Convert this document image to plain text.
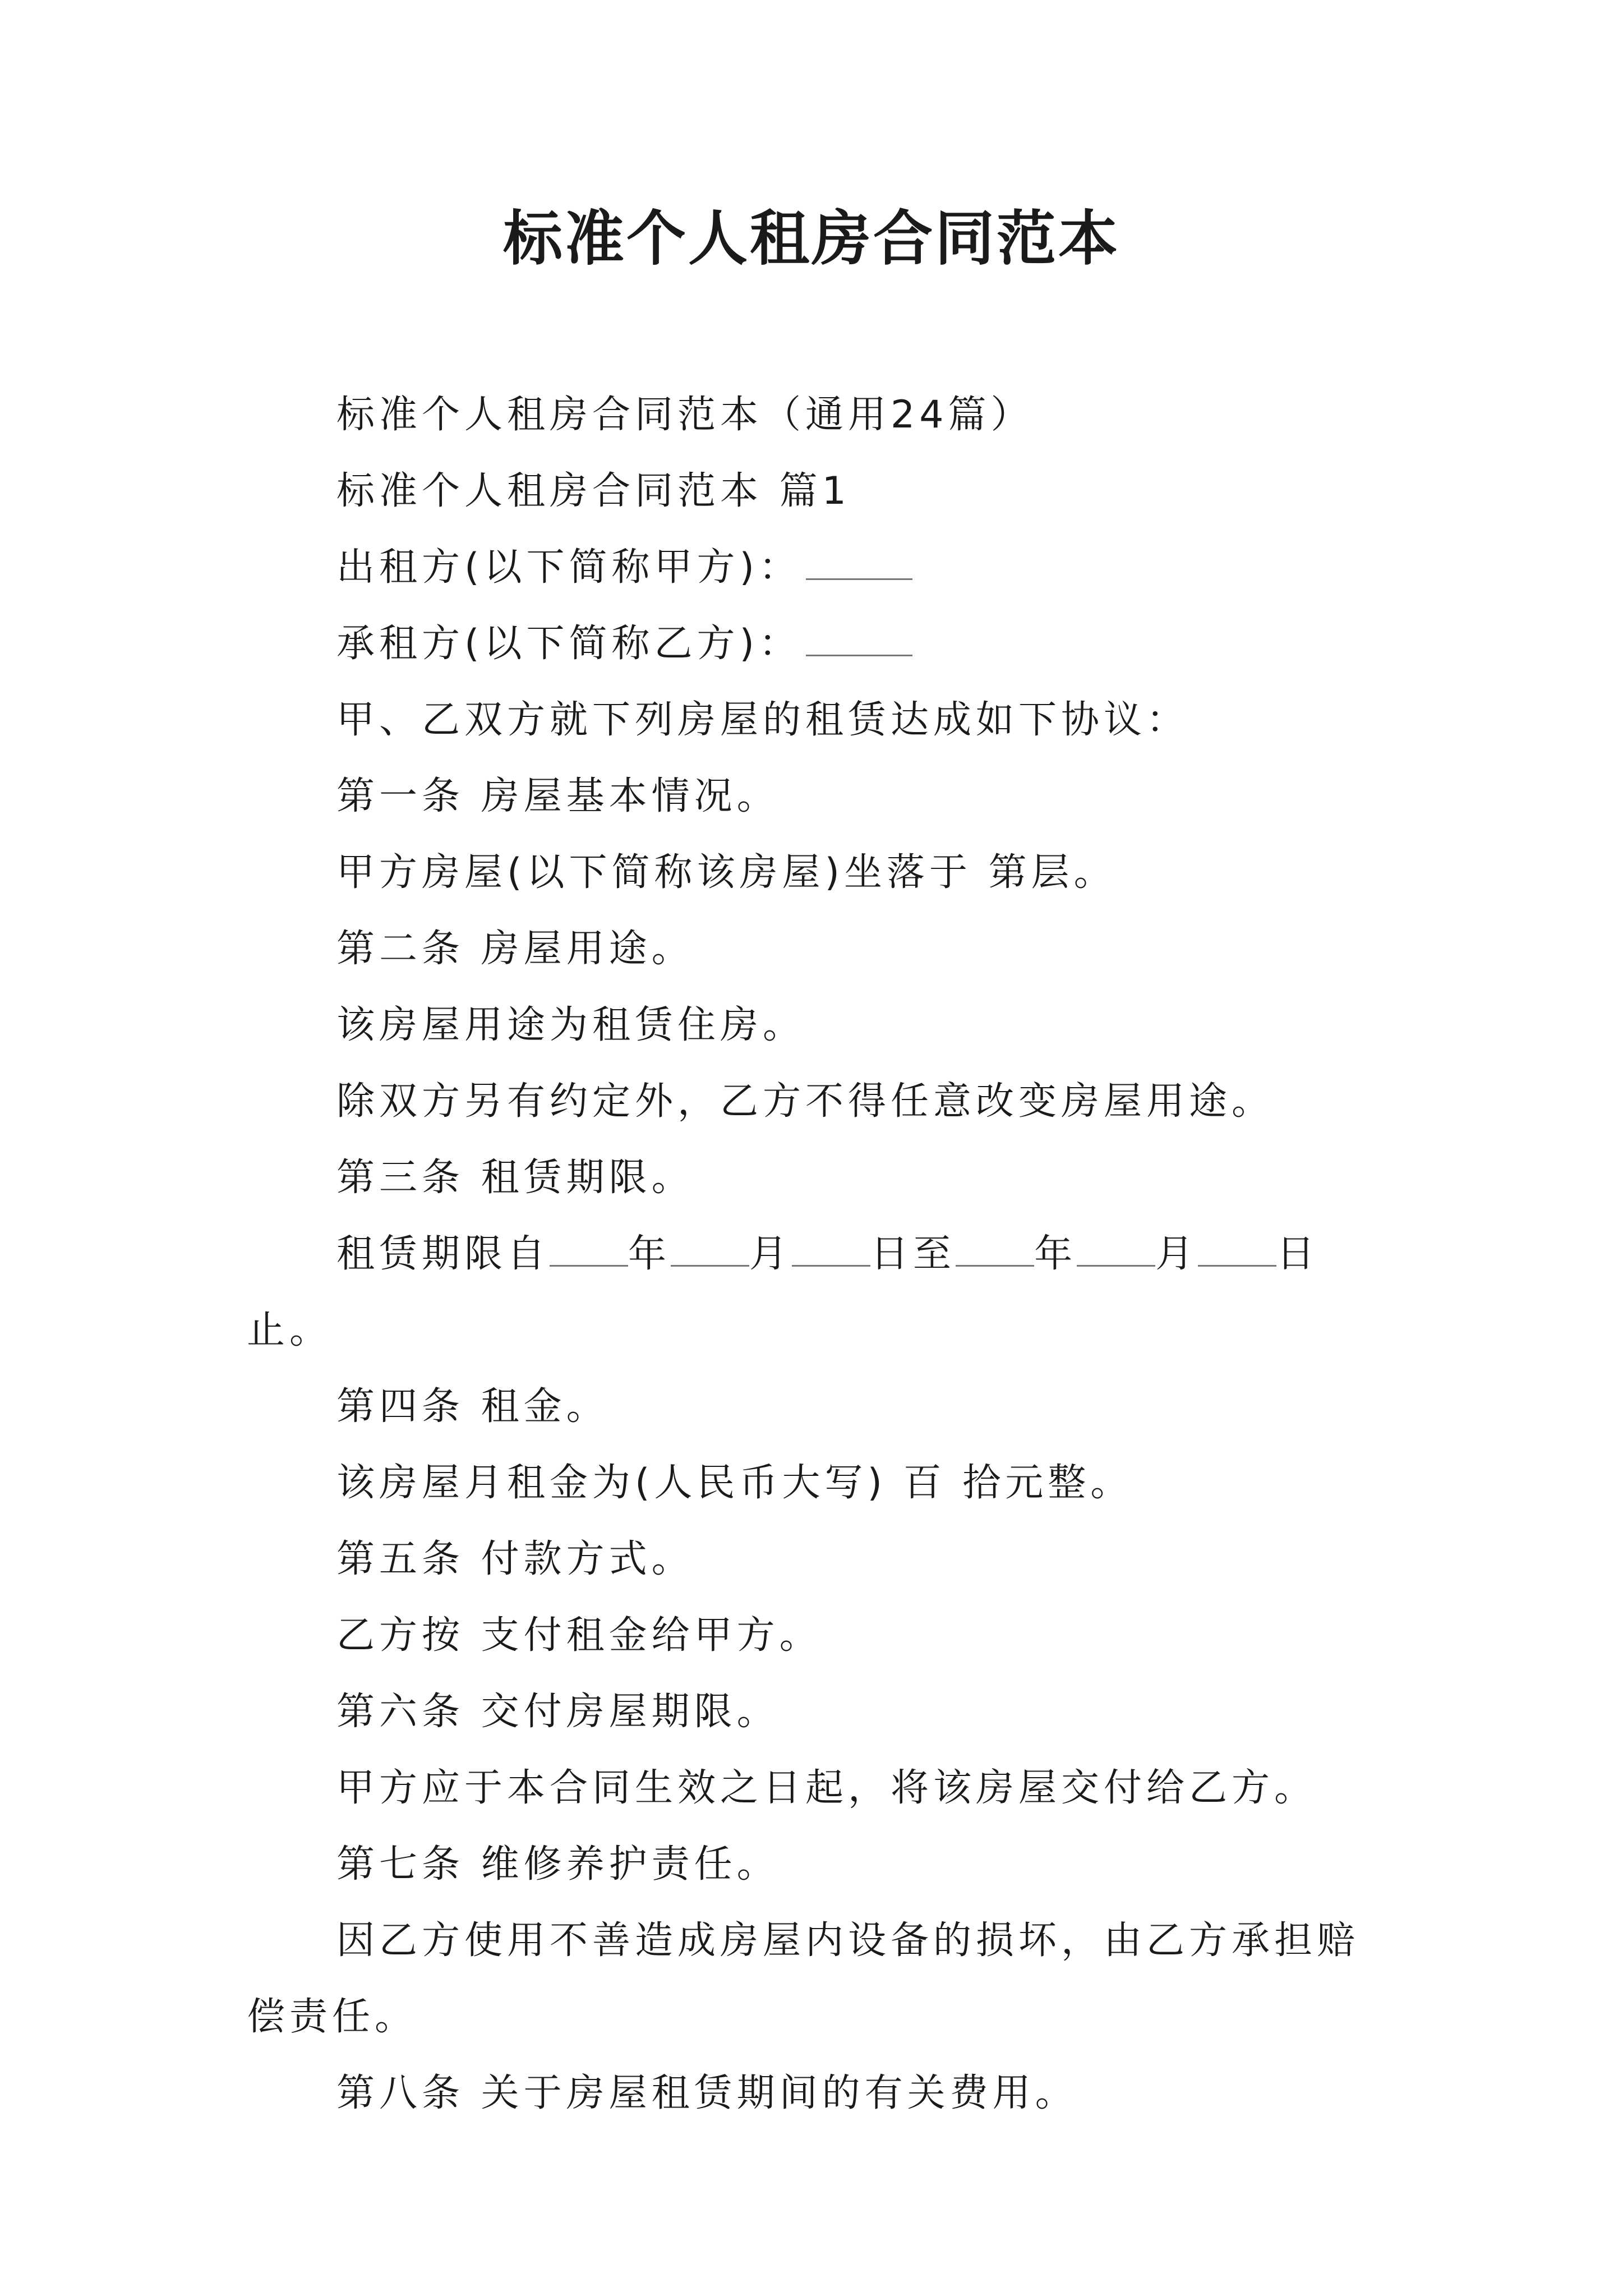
标准个人租房合同范本

标准个人租房合同范本（通用24篇）

标准个人租房合同范本 篇1

出租方(以下简称甲方)：

承租方(以下简称乙方)：

甲、乙双方就下列房屋的租赁达成如下协议：

第一条 房屋基本情况。

甲方房屋(以下简称该房屋)坐落于 第层。

第二条 房屋用途。

该房屋用途为租赁住房。

除双方另有约定外，乙方不得任意改变房屋用途。

第三条 租赁期限。

租赁期限自 年 月 日至 年 月 日止。

第四条 租金。

该房屋月租金为(人民币大写) 百 拾元整。

第五条 付款方式。

乙方按 支付租金给甲方。

第六条 交付房屋期限。

甲方应于本合同生效之日起，将该房屋交付给乙方。

第七条 维修养护责任。

因乙方使用不善造成房屋内设备的损坏，由乙方承担赔偿责任。

第八条 关于房屋租赁期间的有关费用。
